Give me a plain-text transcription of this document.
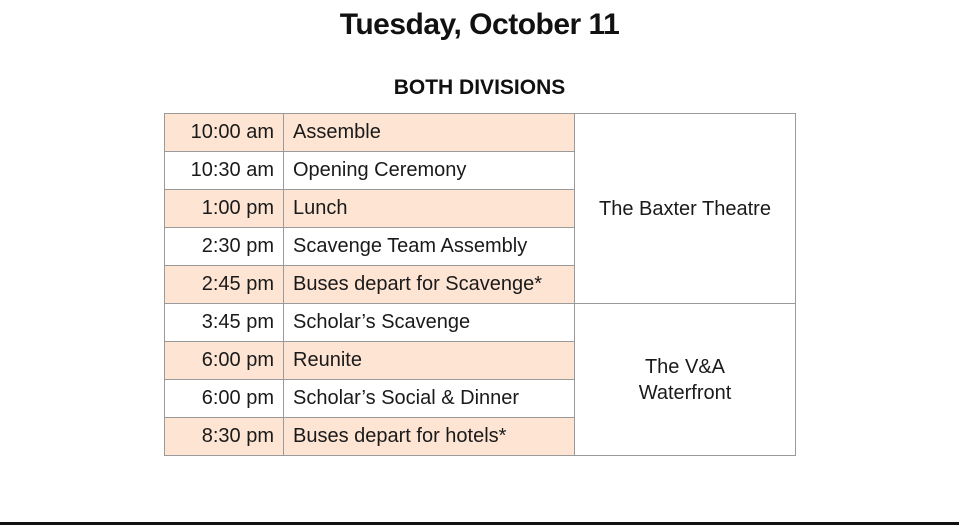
Tuesday, October 11
BOTH DIVISIONS
10:00 am	Assemble	The Baxter Theatre

10:30 am	Opening Ceremony	
1:00 pm	Lunch	
2:30 pm	Scavenge Team Assembly	
2:45 pm	Buses depart for Scavenge*	
3:45 pm	Scholar’s Scavenge	The V&A
Waterfront

6:00 pm	Reunite	
6:00 pm	Scholar’s Social & Dinner	
8:30 pm	Buses depart for hotels*	
